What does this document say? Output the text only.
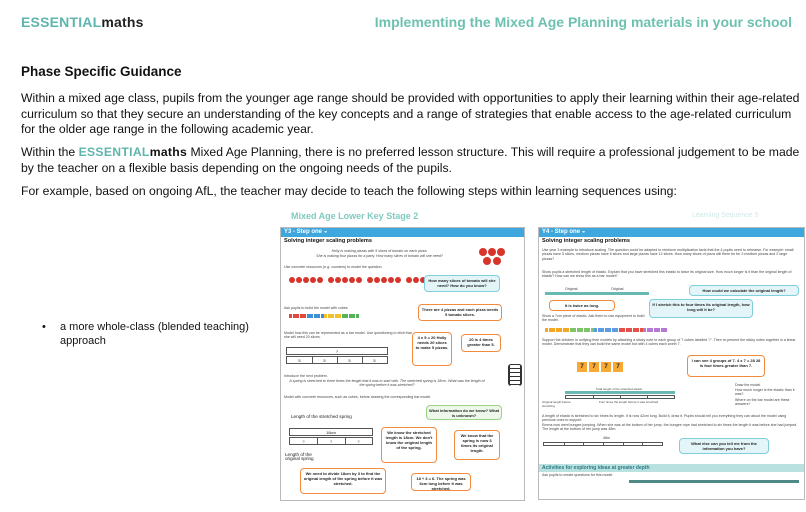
ESSENTIALmaths	Implementing the Mixed Age Planning materials in your school
Phase Specific Guidance
Within a mixed age class, pupils from the younger age range should be provided with opportunities to apply their learning within their age-related curriculum so that they secure an understanding of the key concepts and a range of strategies that enable access to the age-related curriculum for the older age range in the following academic year.
Within the ESSENTIALmaths Mixed Age Planning, there is no preferred lesson structure. This will require a professional judgement to be made by the teacher on a flexible basis depending on the ongoing needs of the pupils.
For example, based on ongoing AfL, the teacher may decide to teach the following steps within learning sequences using:
•	a more whole-class (blended teaching) approach
Mixed Age Lower Key Stage 2	Learning Sequence 5
Y3 - Step one ◒
Solving integer scaling problems
Holly is making pizzas with 5 slices of tomato on each pizza.
She is making four pizzas for a party. How many slices of tomato will she need?
Use concrete resources (e.g. counters) to model the question.
How many slices of tomato will she need? How do you know?
Ask pupils to build the model with cubes	There are 4 pizzas and each pizza needs 5 tomato slices.
Model how this can be represented as a bar model. Use questioning to elicit that she will need 20 slices.
?
5	5	5	5
4 x 5 = 20 Holly needs 20 slices to make 5 pizzas.
20 is 4 times greater than 5.
Introduce the next problem.
A spring is stretched to three times the length that it was to start with. The stretched spring is 18cm. What was the length of the spring before it was stretched?
Model with concrete resources, such as cubes, before drawing the corresponding bar model.
What information do we know? What is unknown?
Length of the stretched spring
18cm
?	?	?
Length of the original spring
We know the stretched length is 18cm. We don't know the original length of the spring.
We know that the spring is now 3 times its original length.
We need to divide 18cm by 3 to find the original length of the spring before it was stretched.
18 ÷ 3 = 6. The spring was 6cm long before it was stretched.
Y4 - Step one ◒
Solving integer scaling problems
Use year 3 example to introduce scaling. The question could be adapted to reinforce multiplication facts that the 4 pupils need to rehearse. For example: small pizzas have 5 slices, medium pizzas have 6 slices and large pizzas have 12 slices. How many slices of pizza will there be for 3 medium pizzas and 2 large pizzas?
Show pupils a stretched length of elastic. Explain that you have stretched this elastic to twice its original size. How much longer is it than the original length of elastic? How can we show this as a bar model?
Original	Original	How could we calculate the original length?
It is twice as long.	If I stretch this to four times its original length, how long will it be?
Show a 7cm piece of elastic. Ask them to use equipment to build the model.
Support the children in unifying their models by attaching a sticky note to each group of 7 cubes labelled '7'. Then re-present the sticky notes together in a linear model. Demonstrate that they can build the same model but with 4 cubes each worth 7.
7	7	7	7
I can see 4 groups of 7. 4 x 7 = 28 28 is four times greater than 7.
Total length of the stretched elastic
Original length before stretching
Four times the length before it was stretched
Draw the model.
How much longer is the elastic than it was?
Where on the bar model are these answers?
A length of elastic is stretched to six times its length. It is now 42cm long. Build it, draw it. Pupils should tell you everything they can about the model using previous ones to support.
Emma now went bungee jumping. When she was at the bottom of her jump, the bungee rope had stretched to six times the length it was before she had jumped. The length at the bottom of her jump was 48m.
48m
What else can you tell me from the information you have?
Activities for exploring ideas at greater depth
Ask pupils to create questions for this model
